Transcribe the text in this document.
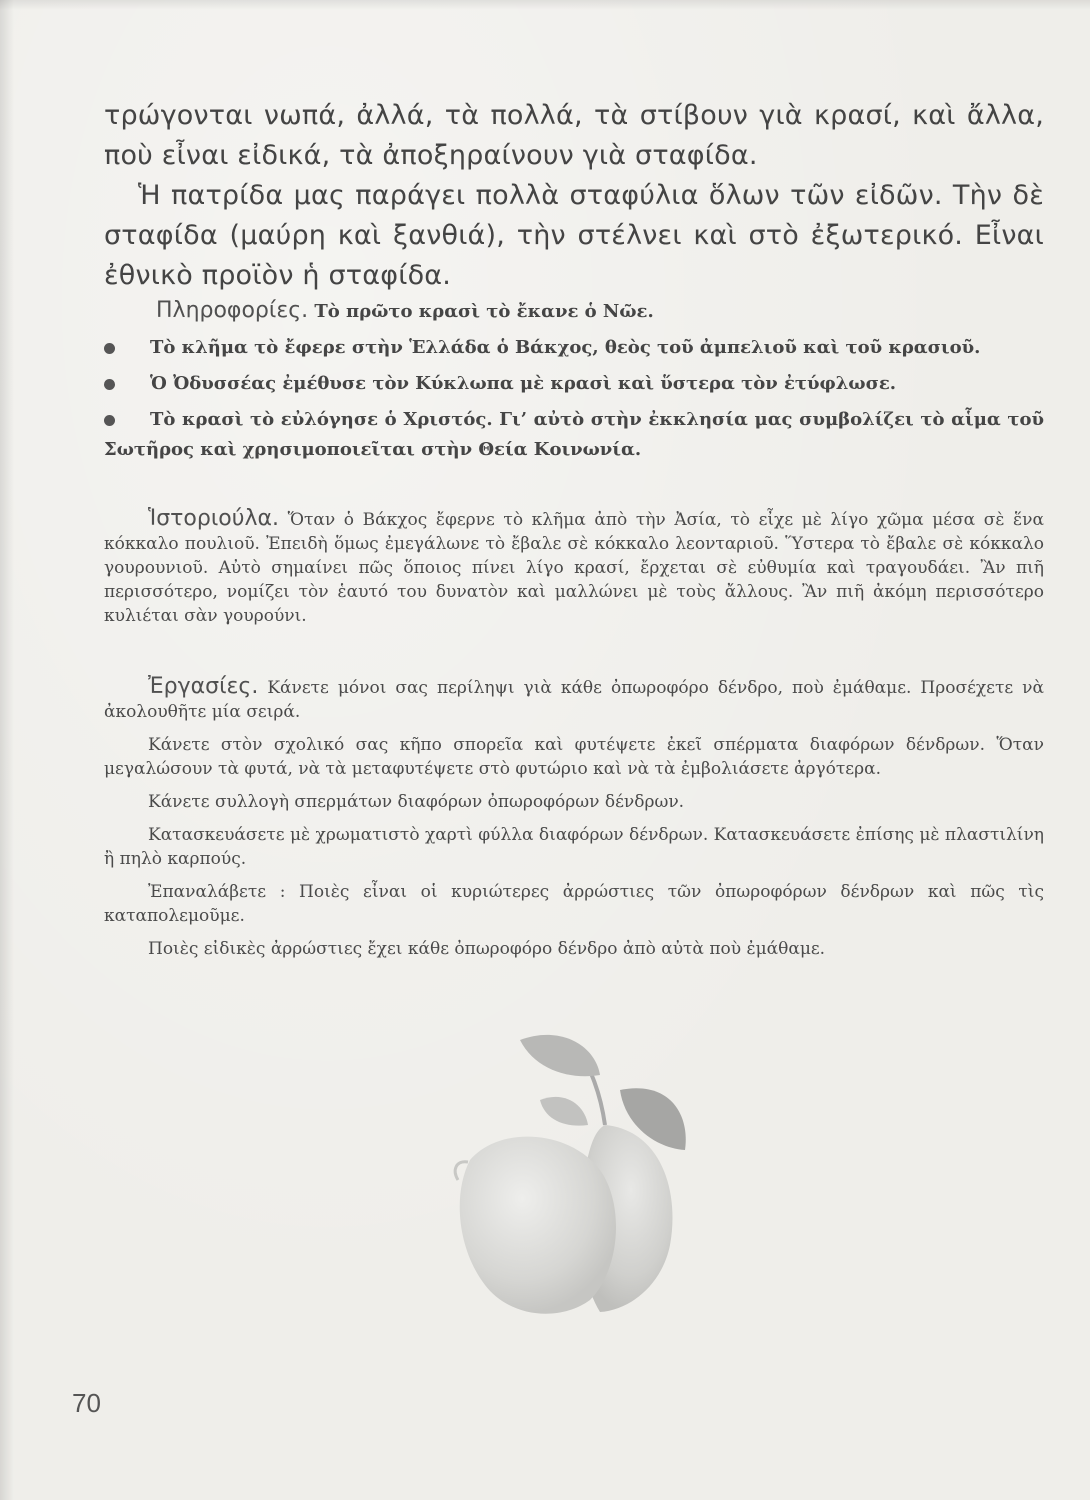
τρώγονται νωπά, ἀλλά, τὰ πολλά, τὰ στίβουν γιὰ κρασί, καὶ ἄλλα, ποὺ εἶναι εἰδικά, τὰ ἀποξηραίνουν γιὰ σταφίδα.

Ἡ πατρίδα μας παράγει πολλὰ σταφύλια ὅλων τῶν εἰδῶν. Τὴν δὲ σταφίδα (μαύρη καὶ ξανθιά), τὴν στέλνει καὶ στὸ ἐξωτερικό. Εἶναι ἐθνικὸ προϊὸν ἡ σταφίδα.

Πληροφορίες. Τὸ πρῶτο κρασὶ τὸ ἔκανε ὁ Νῶε.

Τὸ κλῆμα τὸ ἔφερε στὴν Ἑλλάδα ὁ Βάκχος, θεὸς τοῦ ἀμπελιοῦ καὶ τοῦ κρασιοῦ.

Ὁ Ὀδυσσέας ἐμέθυσε τὸν Κύκλωπα μὲ κρασὶ καὶ ὕστερα τὸν ἐτύφλωσε.

Τὸ κρασὶ τὸ εὐλόγησε ὁ Χριστός. Γι’ αὐτὸ στὴν ἐκκλησία μας συμβολίζει τὸ αἷμα τοῦ Σωτῆρος καὶ χρησιμοποιεῖται στὴν Θεία Κοινωνία.

Ἱστοριούλα. Ὅταν ὁ Βάκχος ἔφερνε τὸ κλῆμα ἀπὸ τὴν Ἀσία, τὸ εἶχε μὲ λίγο χῶμα μέσα σὲ ἕνα κόκκαλο πουλιοῦ. Ἐπειδὴ ὅμως ἐμεγάλωνε τὸ ἔβαλε σὲ κόκκαλο λεονταριοῦ. Ὕστερα τὸ ἔβαλε σὲ κόκκαλο γουρουνιοῦ. Αὐτὸ σημαίνει πῶς ὅποιος πίνει λίγο κρασί, ἔρχεται σὲ εὐθυμία καὶ τραγουδάει. Ἂν πιῆ περισσότερο, νομίζει τὸν ἑαυτό του δυνατὸν καὶ μαλλώνει μὲ τοὺς ἄλλους. Ἂν πιῆ ἀκόμη περισσότερο κυλιέται σὰν γουρούνι.

Ἐργασίες. Κάνετε μόνοι σας περίληψι γιὰ κάθε ὀπωροφόρο δένδρο, ποὺ ἐμάθαμε. Προσέχετε νὰ ἀκολουθῆτε μία σειρά.

Κάνετε στὸν σχολικό σας κῆπο σπορεῖα καὶ φυτέψετε ἐκεῖ σπέρματα διαφόρων δένδρων. Ὅταν μεγαλώσουν τὰ φυτά, νὰ τὰ μεταφυτέψετε στὸ φυτώριο καὶ νὰ τὰ ἐμβολιάσετε ἀργότερα.

Κάνετε συλλογὴ σπερμάτων διαφόρων ὀπωροφόρων δένδρων.

Κατασκευάσετε μὲ χρωματιστὸ χαρτὶ φύλλα διαφόρων δένδρων. Κατασκευάσετε ἐπίσης μὲ πλαστιλίνη ἢ πηλὸ καρπούς.

Ἐπαναλάβετε : Ποιὲς εἶναι οἱ κυριώτερες ἀρρώστιες τῶν ὀπωροφόρων δένδρων καὶ πῶς τὶς καταπολεμοῦμε.

Ποιὲς εἰδικὲς ἀρρώστιες ἔχει κάθε ὀπωροφόρο δένδρο ἀπὸ αὐτὰ ποὺ ἐμάθαμε.

70
